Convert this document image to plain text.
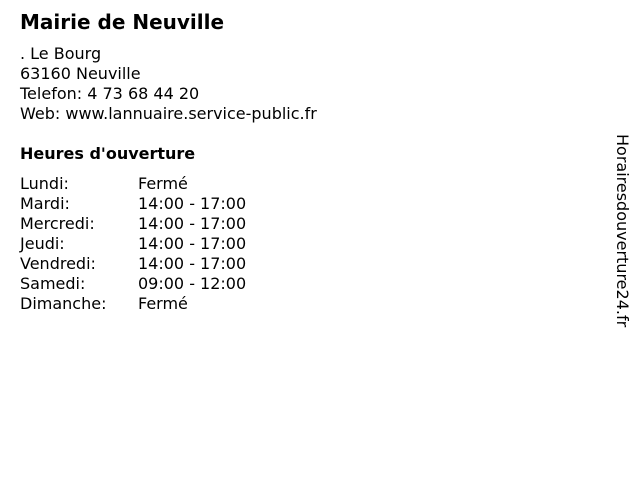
Mairie de Neuville
. Le Bourg
63160 Neuville
Telefon: 4 73 68 44 20
Web: www.lannuaire.service-public.fr
Heures d'ouverture
Lundi:	Fermé
Mardi:	14:00 - 17:00
Mercredi:	14:00 - 17:00
Jeudi:	14:00 - 17:00
Vendredi:	14:00 - 17:00
Samedi:	09:00 - 12:00
Dimanche:	Fermé	Horairesdouverture24.fr
